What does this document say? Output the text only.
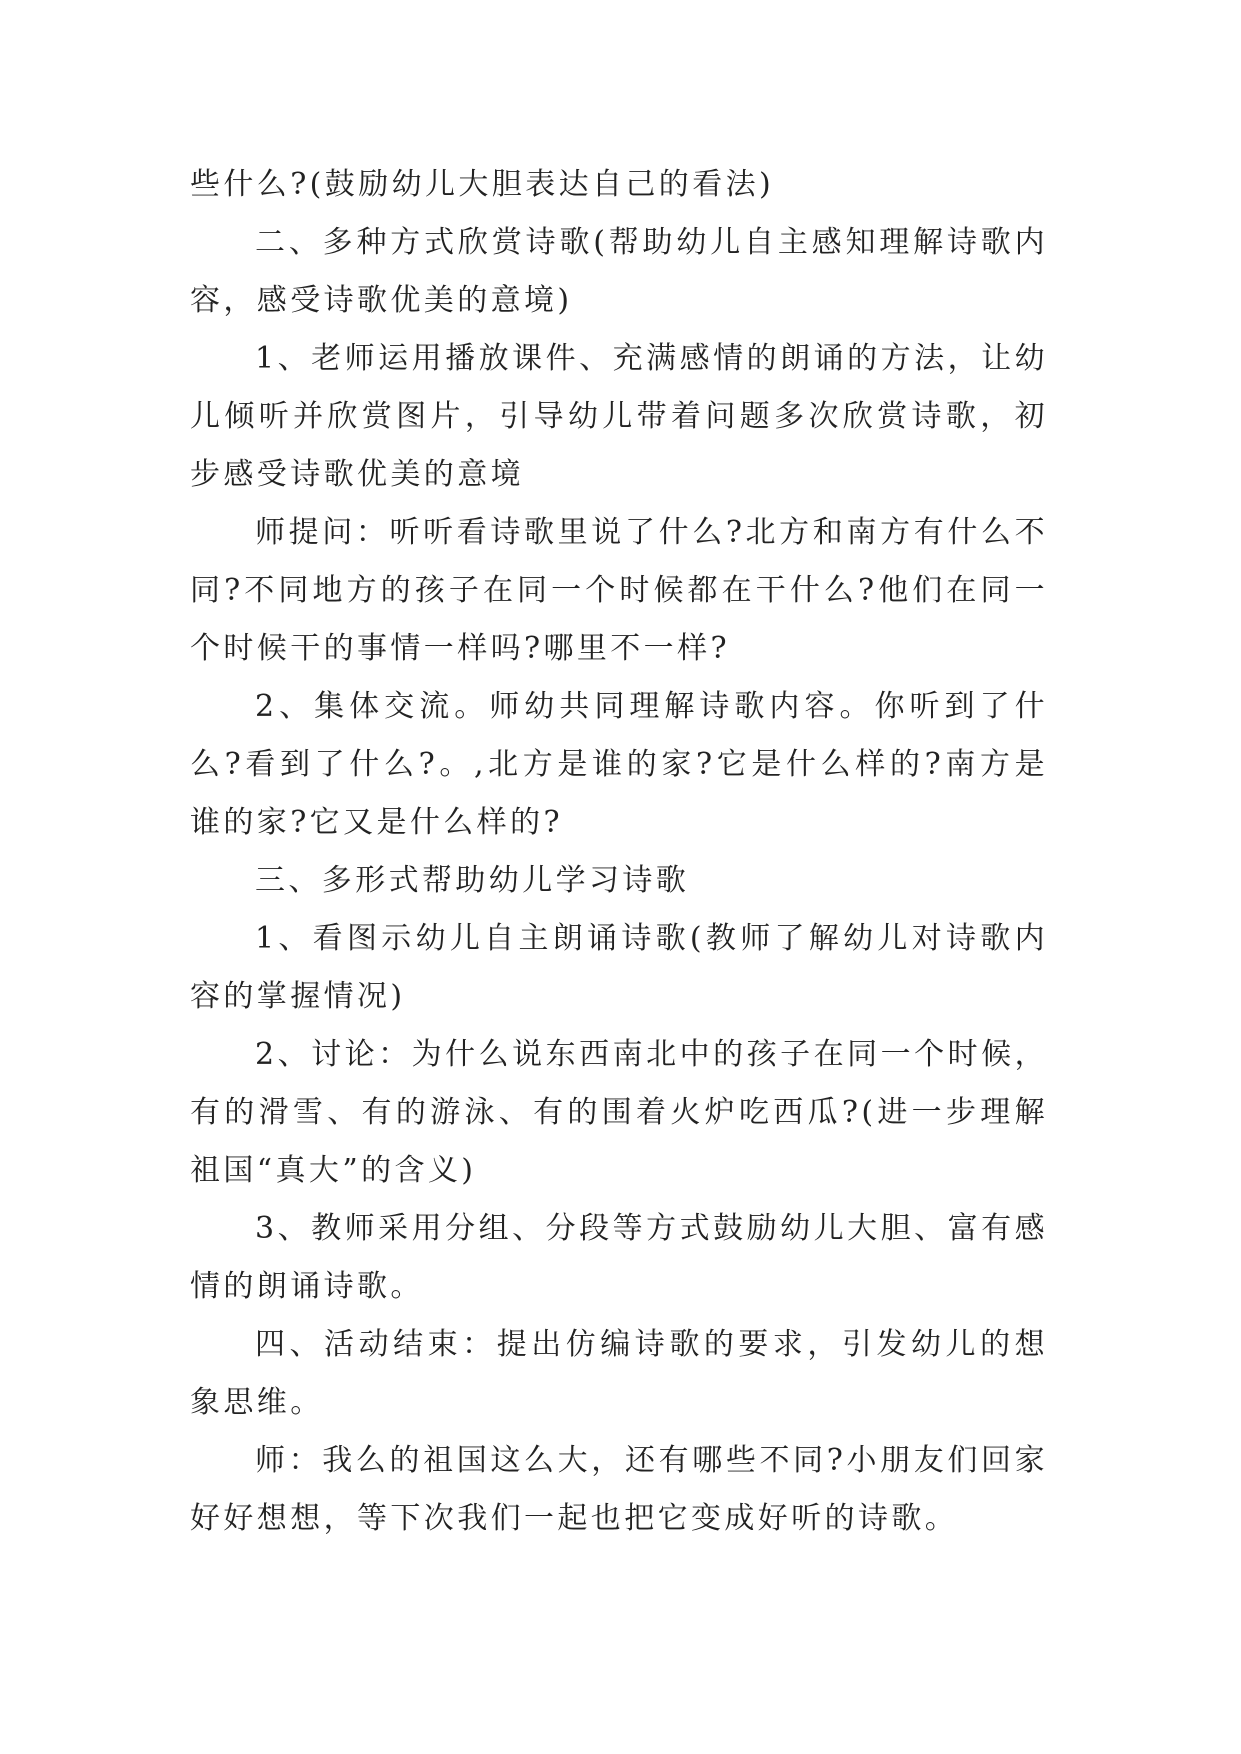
些什么?(鼓励幼儿大胆表达自己的看法)

二、多种方式欣赏诗歌(帮助幼儿自主感知理解诗歌内容，感受诗歌优美的意境)

1、老师运用播放课件、充满感情的朗诵的方法，让幼儿倾听并欣赏图片，引导幼儿带着问题多次欣赏诗歌，初步感受诗歌优美的意境

师提问：听听看诗歌里说了什么?北方和南方有什么不同?不同地方的孩子在同一个时候都在干什么?他们在同一个时候干的事情一样吗?哪里不一样?

2、集体交流。师幼共同理解诗歌内容。你听到了什么?看到了什么?。,北方是谁的家?它是什么样的?南方是谁的家?它又是什么样的?

三、多形式帮助幼儿学习诗歌

1、看图示幼儿自主朗诵诗歌(教师了解幼儿对诗歌内容的掌握情况)

2、讨论：为什么说东西南北中的孩子在同一个时候，有的滑雪、有的游泳、有的围着火炉吃西瓜?(进一步理解祖国“真大”的含义)

3、教师采用分组、分段等方式鼓励幼儿大胆、富有感情的朗诵诗歌。

四、活动结束：提出仿编诗歌的要求，引发幼儿的想象思维。

师：我么的祖国这么大，还有哪些不同?小朋友们回家好好想想，等下次我们一起也把它变成好听的诗歌。
